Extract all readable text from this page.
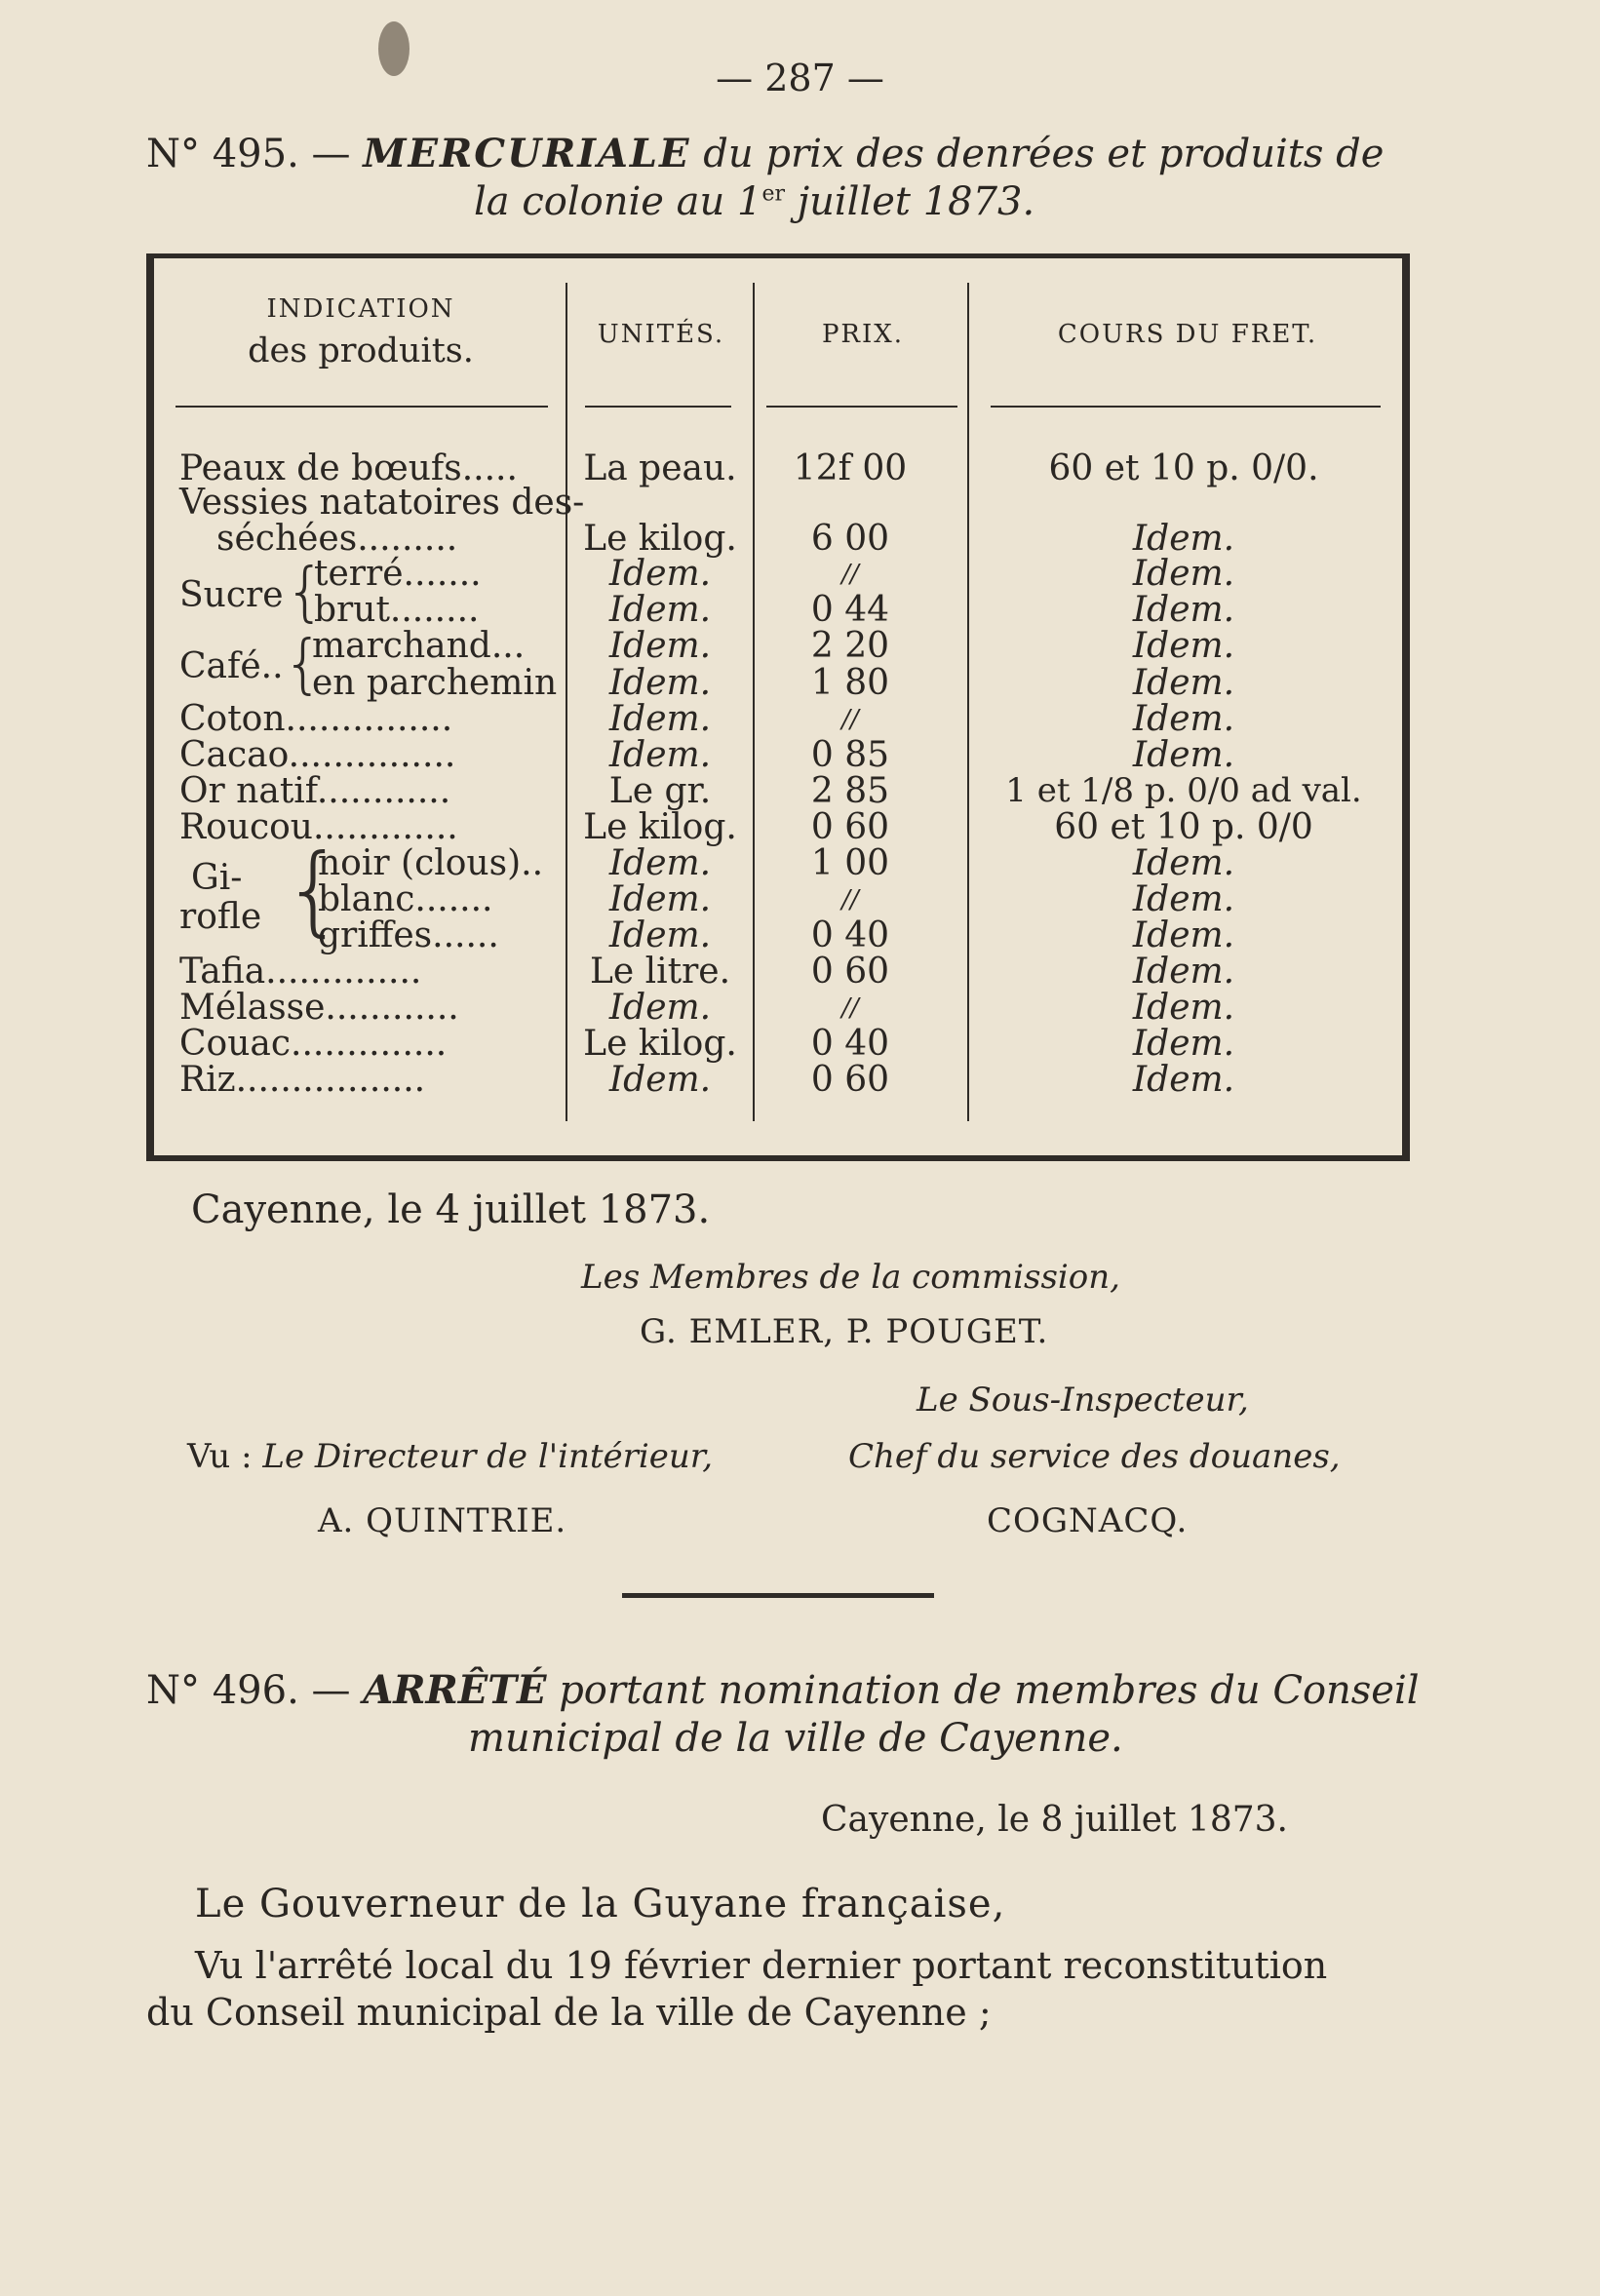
— 287 —
N° 495. — MERCURIALE du prix des denrées et produits de
la colonie au 1er juillet 1873.
INDICATION
des produits.	UNITÉS.	PRIX.	COURS DU FRET.
Peaux de bœufs.....	La peau.	12f 00	60 et 10 p. 0/0.
Vessies natatoires des-
séchées.........	Le kilog.	6 00	Idem.
Sucre {
terré.......	Idem.	//	Idem.
brut........	Idem.	0 44	Idem.
Café.. {
marchand...	Idem.	2 20	Idem.
en parchemin	Idem.	1 80	Idem.
Coton...............	Idem.	//	Idem.
Cacao...............	Idem.	0 85	Idem.
Or natif............	Le gr.	2 85	1 et 1/8 p. 0/0 ad val.
Roucou.............	Le kilog.	0 60	60 et 10 p. 0/0
Gi-
rofle {
noir (clous)..	Idem.	1 00	Idem.
blanc.......	Idem.	//	Idem.
griffes......	Idem.	0 40	Idem.
Tafia..............	Le litre.	0 60	Idem.
Mélasse............	Idem.	//	Idem.
Couac..............	Le kilog.	0 40	Idem.
Riz.................	Idem.	0 60	Idem.
Cayenne, le 4 juillet 1873.
Les Membres de la commission,
G. EMLER, P. POUGET.
Le Sous-Inspecteur,
Vu : Le Directeur de l'intérieur,	Chef du service des douanes,
A. QUINTRIE.	COGNACQ.
N° 496. — ARRÊTÉ portant nomination de membres du Conseil
municipal de la ville de Cayenne.
Cayenne, le 8 juillet 1873.
Le Gouverneur de la Guyane française,
Vu l'arrêté local du 19 février dernier portant reconstitution
du Conseil municipal de la ville de Cayenne ;
